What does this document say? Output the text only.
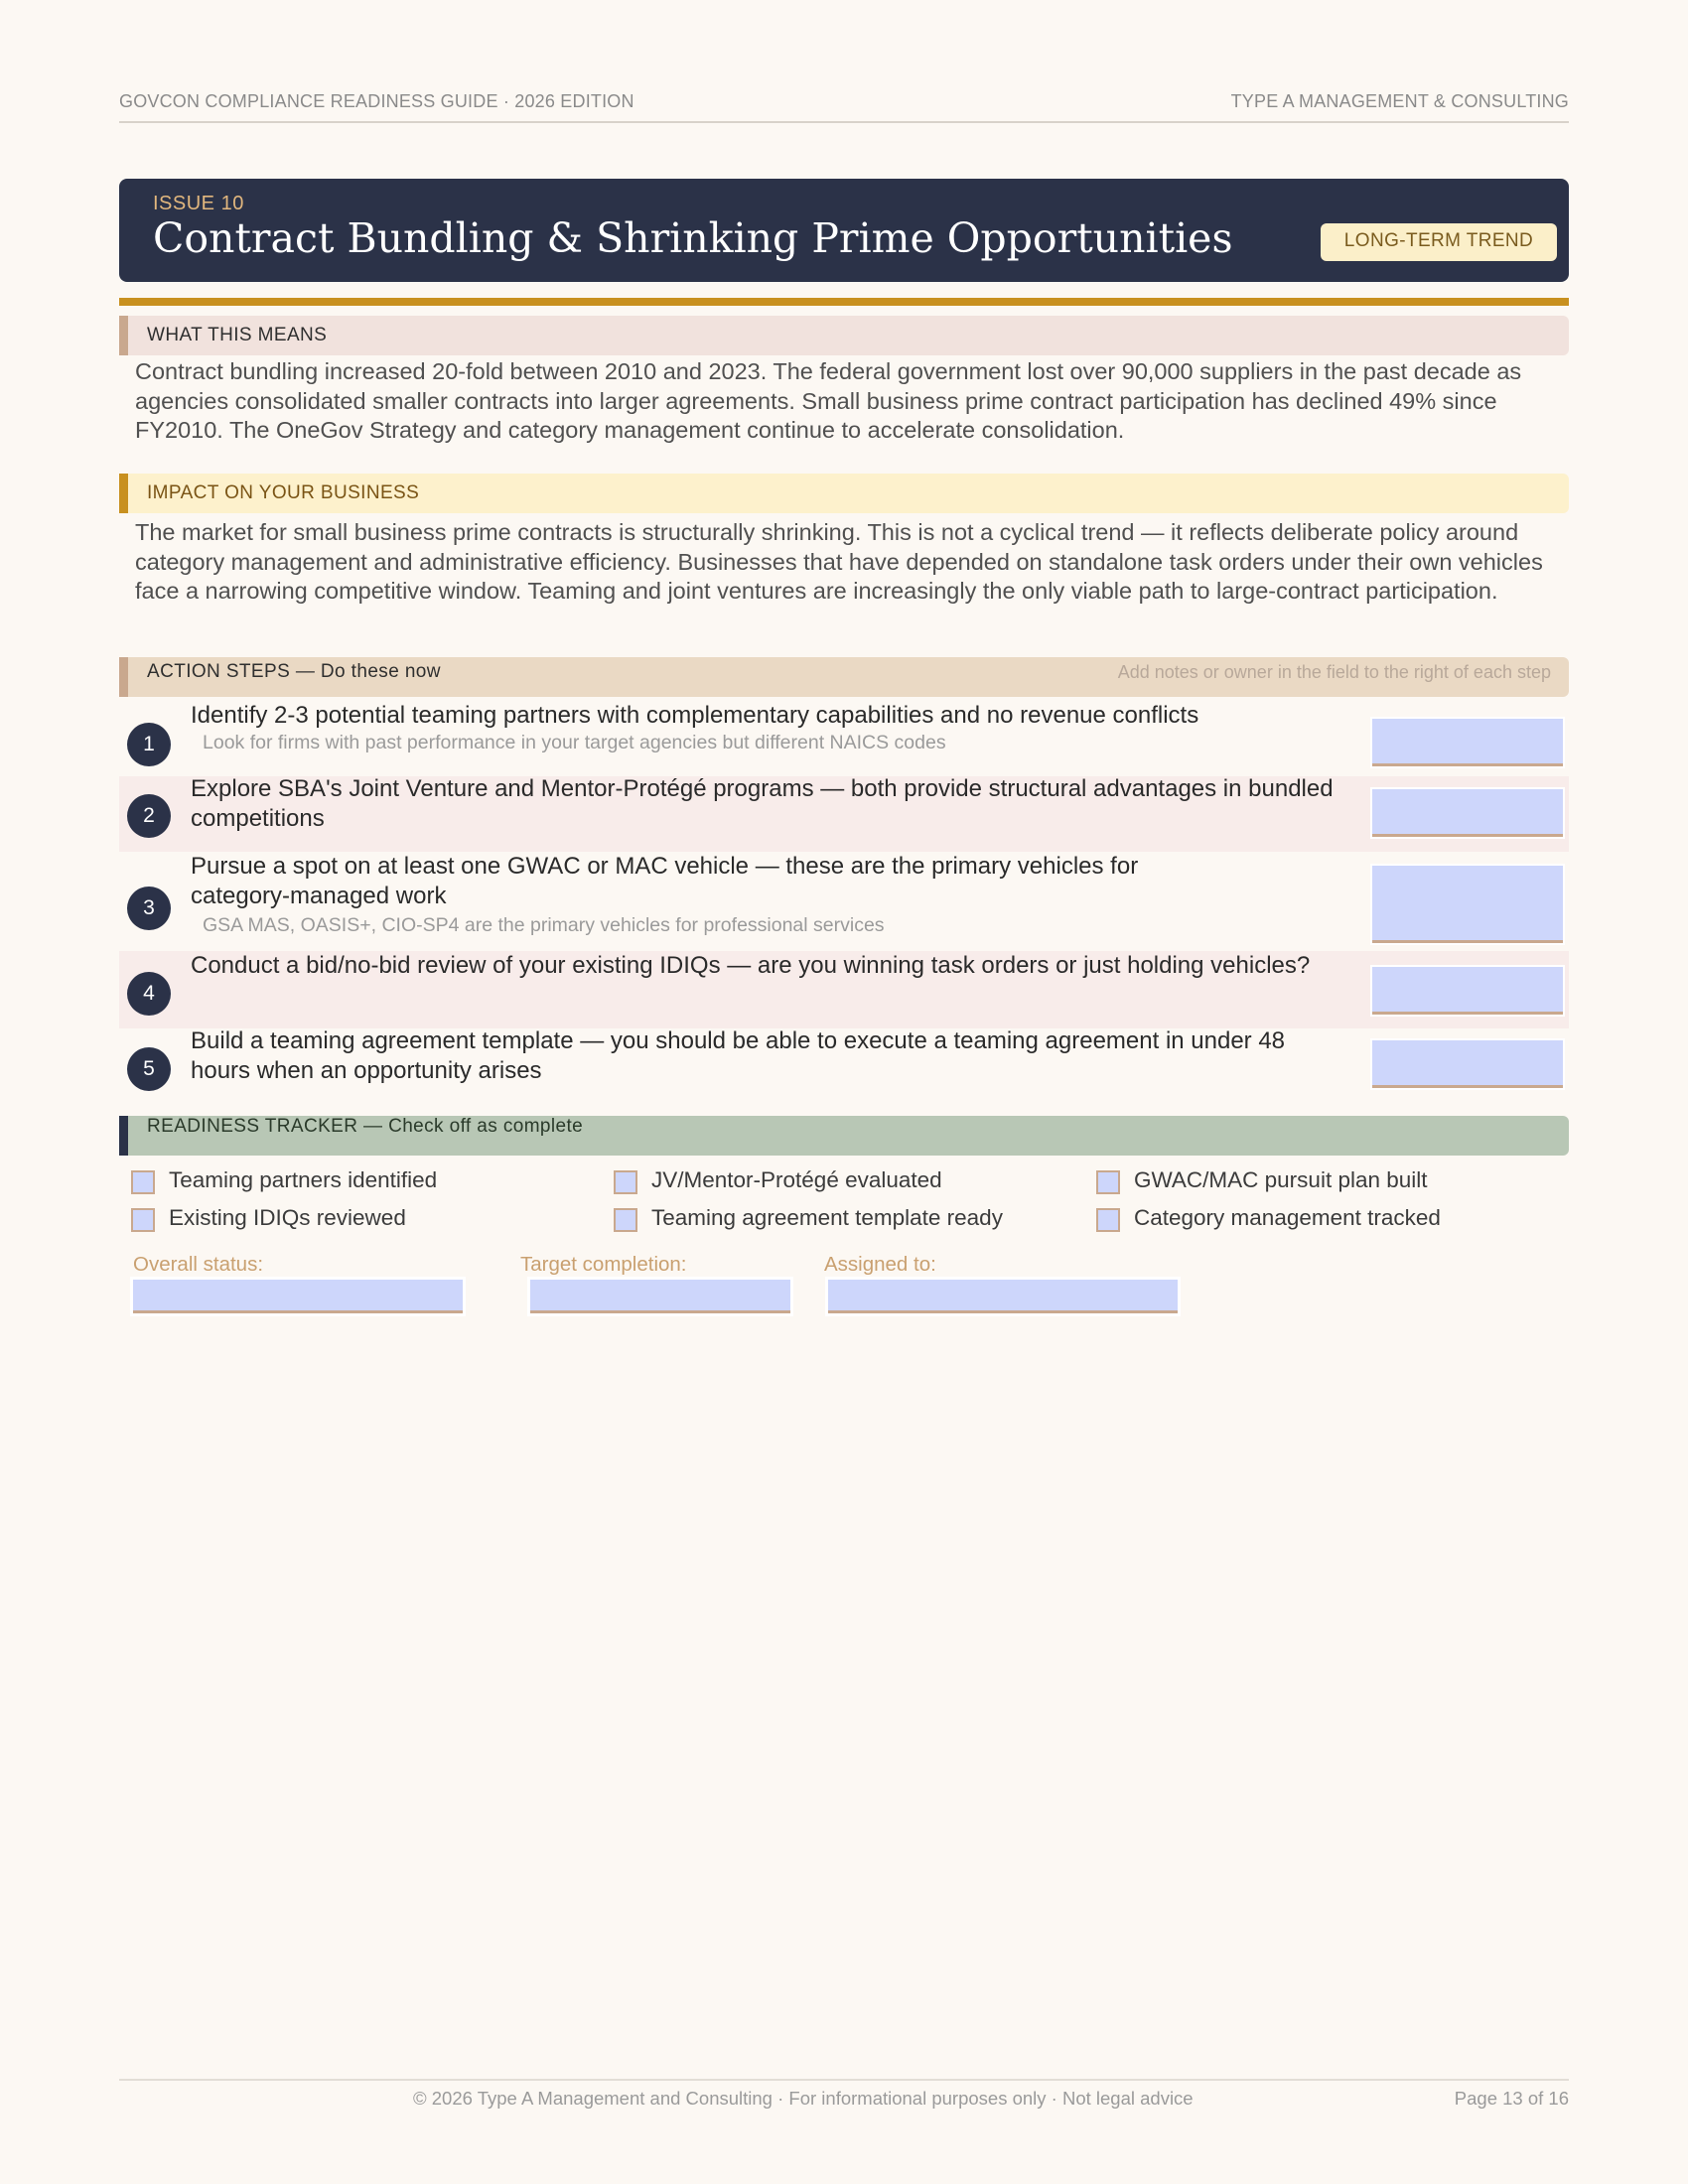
GOVCON COMPLIANCE READINESS GUIDE · 2026 EDITION	TYPE A MANAGEMENT & CONSULTING
ISSUE 10
Contract Bundling & Shrinking Prime Opportunities	LONG-TERM TREND
WHAT THIS MEANS

Contract bundling increased 20-fold between 2010 and 2023. The federal government lost over 90,000 suppliers in the past decade as agencies consolidated smaller contracts into larger agreements. Small business prime contract participation has declined 49% since FY2010. The OneGov Strategy and category management continue to accelerate consolidation.

IMPACT ON YOUR BUSINESS

The market for small business prime contracts is structurally shrinking. This is not a cyclical trend — it reflects deliberate policy around category management and administrative efficiency. Businesses that have depended on standalone task orders under their own vehicles face a narrowing competitive window. Teaming and joint ventures are increasingly the only viable path to large-contract participation.

ACTION STEPS — Do these now	Add notes or owner in the field to the right of each step
1
Identify 2-3 potential teaming partners with complementary capabilities and no revenue conflicts
Look for firms with past performance in your target agencies but different NAICS codes
2
Explore SBA's Joint Venture and Mentor-Protégé programs — both provide structural advantages in bundled competitions
3
Pursue a spot on at least one GWAC or MAC vehicle — these are the primary vehicles for category-managed work
GSA MAS, OASIS+, CIO-SP4 are the primary vehicles for professional services
4
Conduct a bid/no-bid review of your existing IDIQs — are you winning task orders or just holding vehicles?
5
Build a teaming agreement template — you should be able to execute a teaming agreement in under 48 hours when an opportunity arises
READINESS TRACKER — Check off as complete
Teaming partners identified	JV/Mentor-Protégé evaluated	GWAC/MAC pursuit plan built
Existing IDIQs reviewed	Teaming agreement template ready	Category management tracked
Overall status:	Target completion:	Assigned to:
© 2026 Type A Management and Consulting · For informational purposes only · Not legal advice	Page 13 of 16
